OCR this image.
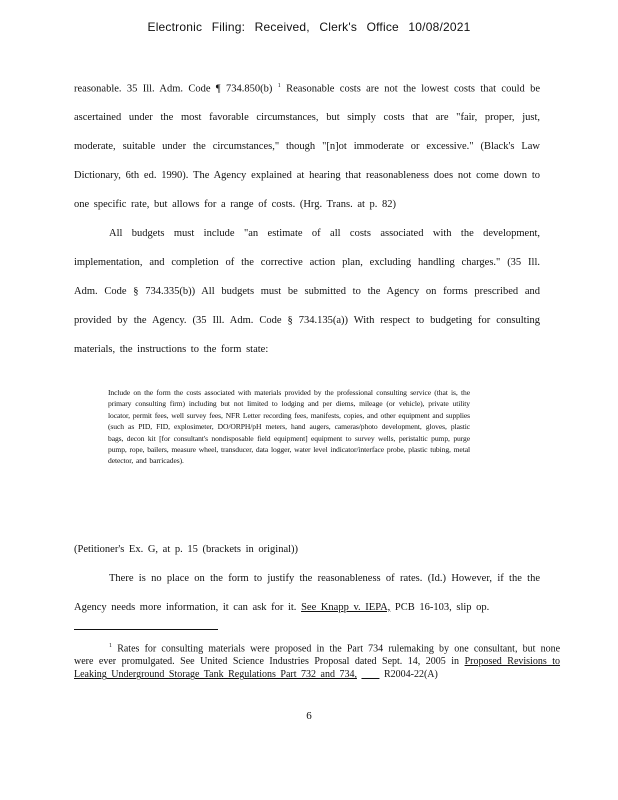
Electronic Filing: Received, Clerk's Office 10/08/2021

reasonable. 35 Ill. Adm. Code ¶ 734.850(b) $^1$ Reasonable costs are not the lowest costs that could be ascertained under the most favorable circumstances, but simply costs that are "fair, proper, just, moderate, suitable under the circumstances," though "[n]ot immoderate or excessive." (Black's Law Dictionary, 6th ed. 1990). The Agency explained at hearing that reasonableness does not come down to one specific rate, but allows for a range of costs. (Hrg. Trans. at p. 82)

All budgets must include "an estimate of all costs associated with the development, implementation, and completion of the corrective action plan, excluding handling charges." (35 Ill. Adm. Code § 734.335(b)) All budgets must be submitted to the Agency on forms prescribed and provided by the Agency. (35 Ill. Adm. Code § 734.135(a)) With respect to budgeting for consulting materials, the instructions to the form state:

Include on the form the costs associated with materials provided by the professional consulting service (that is, the primary consulting firm) including but not limited to lodging and per diems, mileage (or vehicle), private utility locator, permit fees, well survey fees, NFR Letter recording fees, manifests, copies, and other equipment and supplies (such as PID, FID, explosimeter, DO/ORPH/pH meters, hand augers, cameras/photo development, gloves, plastic bags, decon kit [for consultant's nondisposable field equipment] equipment to survey wells, peristaltic pump, purge pump, rope, bailers, measure wheel, transducer, data logger, water level indicator/interface probe, plastic tubing, metal detector, and barricades).

(Petitioner's Ex. G, at p. 15 (brackets in original))

There is no place on the form to justify the reasonableness of rates. (Id.) However, if the the Agency needs more information, it can ask for it. See Knapp v. IEPA, PCB 16-103, slip op.

$^1$ Rates for consulting materials were proposed in the Part 734 rulemaking by one consultant, but none were ever promulgated. See United Science Industries Proposal dated Sept. 14, 2005 in Proposed Revisions to Leaking Underground Storage Tank Regulations Part 732 and 734,	R2004-22(A)
6
